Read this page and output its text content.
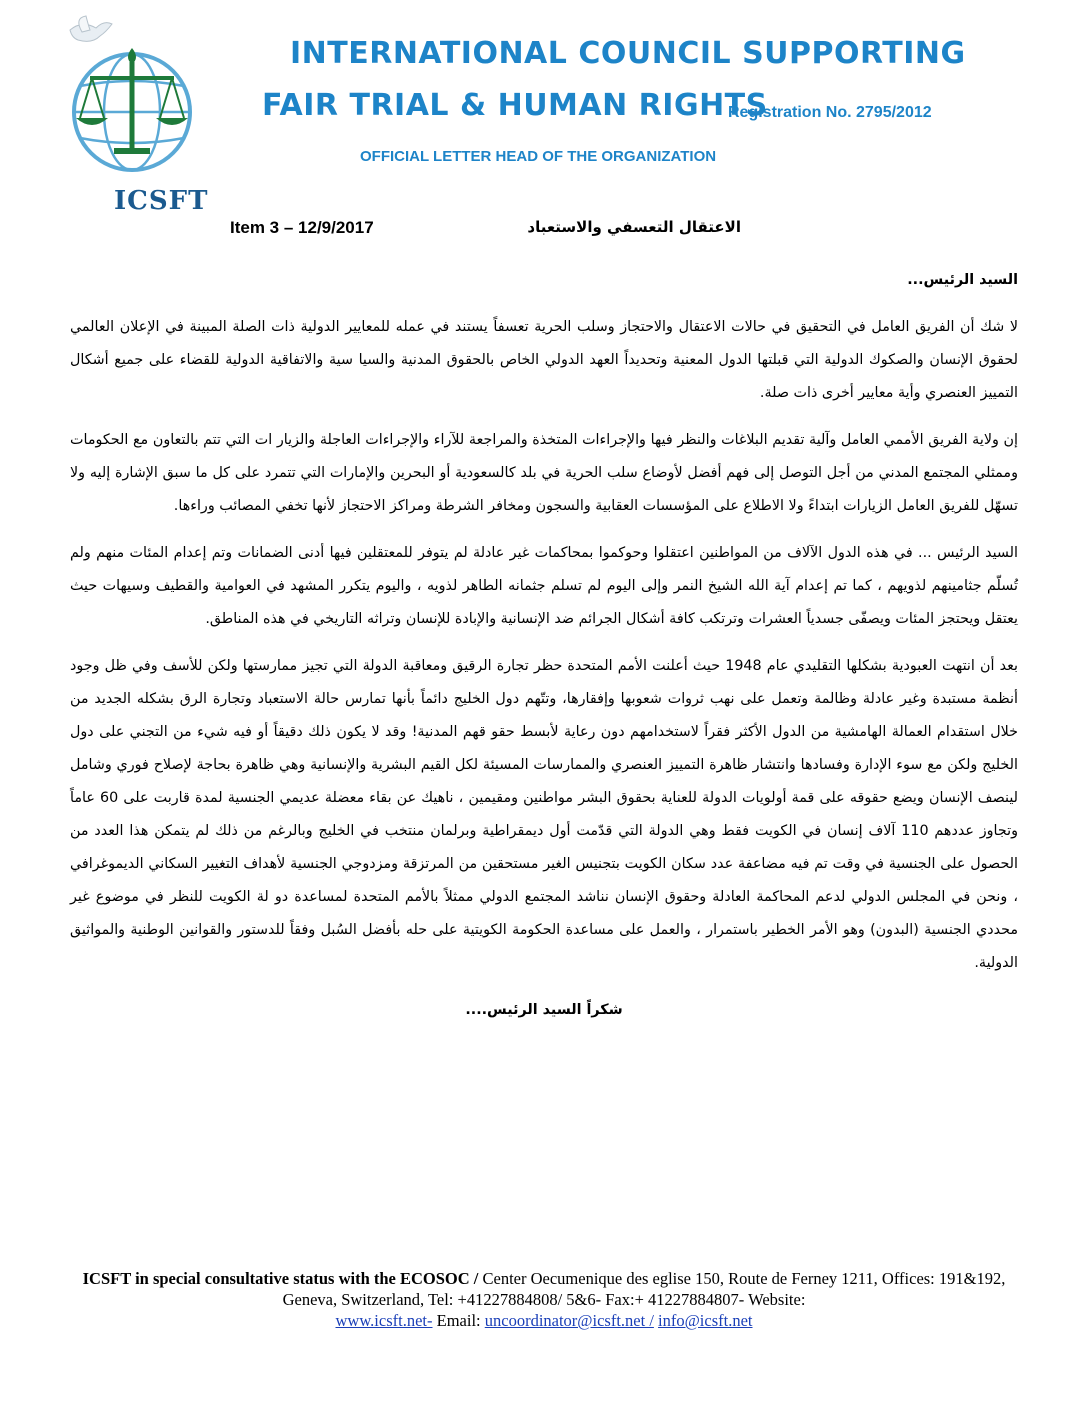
ICSFT
INTERNATIONAL COUNCIL SUPPORTING
FAIR TRIAL & HUMAN RIGHTS
Registration No. 2795/2012
OFFICIAL LETTER HEAD OF THE ORGANIZATION
Item 3 – 12/9/2017	الاعتقال التعسفي والاستعباد

السيد الرئيس...

لا شك أن الفريق العامل في التحقيق في حالات الاعتقال والاحتجاز وسلب الحرية تعسفاً يستند في عمله للمعايير الدولية ذات الصلة المبينة في الإعلان العالمي لحقوق الإنسان والصكوك الدولية التي قبلتها الدول المعنية وتحديداً العهد الدولي الخاص بالحقوق المدنية والسيا سية والاتفاقية الدولية للقضاء على جميع أشكال التمييز العنصري وأية معايير أخرى ذات صلة.

إن ولاية الفريق الأممي العامل وآلية تقديم البلاغات والنظر فيها والإجراءات المتخذة والمراجعة للآراء والإجراءات العاجلة والزيار ات التي تتم بالتعاون مع الحكومات وممثلي المجتمع المدني من أجل التوصل إلى فهم أفضل لأوضاع سلب الحرية في بلد كالسعودية أو البحرين والإمارات التي تتمرد على كل ما سبق الإشارة إليه ولا تسهّل للفريق العامل الزيارات ابتداءً ولا الاطلاع على المؤسسات العقابية والسجون ومخافر الشرطة ومراكز الاحتجاز لأنها تخفي المصائب وراءها.

السيد الرئيس ... في هذه الدول الآلاف من المواطنين اعتقلوا وحوكموا بمحاكمات غير عادلة لم يتوفر للمعتقلين فيها أدنى الضمانات وتم إعدام المئات منهم ولم تُسلّم جثامينهم لذويهم ، كما تم إعدام آية الله الشيخ النمر وإلى اليوم لم تسلم جثمانه الطاهر لذويه ، واليوم يتكرر المشهد في العوامية والقطيف وسيهات حيث يعتقل ويحتجز المئات ويصفّى جسدياً العشرات وترتكب كافة أشكال الجرائم ضد الإنسانية والإبادة للإنسان وتراثه التاريخي في هذه المناطق.

بعد أن انتهت العبودية بشكلها التقليدي عام 1948 حيث أعلنت الأمم المتحدة حظر تجارة الرقيق ومعاقبة الدولة التي تجيز ممارستها ولكن للأسف وفي ظل وجود أنظمة مستبدة وغير عادلة وظالمة وتعمل على نهب ثروات شعوبها وإفقارها، وتتّهم دول الخليج دائماً بأنها تمارس حالة الاستعباد وتجارة الرق بشكله الجديد من خلال استقدام العمالة الهامشية من الدول الأكثر فقراً لاستخدامهم دون رعاية لأبسط حقو قهم المدنية! وقد لا يكون ذلك دقيقاً أو فيه شيء من التجني على دول الخليج ولكن مع سوء الإدارة وفسادها وانتشار ظاهرة التمييز العنصري والممارسات المسيئة لكل القيم البشرية والإنسانية وهي ظاهرة بحاجة لإصلاح فوري وشامل لينصف الإنسان ويضع حقوقه على قمة أولويات الدولة للعناية بحقوق البشر مواطنين ومقيمين ، ناهيك عن بقاء معضلة عديمي الجنسية لمدة قاربت على 60 عاماً وتجاوز عددهم 110 آلاف إنسان في الكويت فقط وهي الدولة التي قدّمت أول ديمقراطية وبرلمان منتخب في الخليج وبالرغم من ذلك لم يتمكن هذا العدد من الحصول على الجنسية في وقت تم فيه مضاعفة عدد سكان الكويت بتجنيس الغير مستحقين من المرتزقة ومزدوجي الجنسية لأهداف التغيير السكاني الديموغرافي ، ونحن في المجلس الدولي لدعم المحاكمة العادلة وحقوق الإنسان نناشد المجتمع الدولي ممثلاً بالأمم المتحدة لمساعدة دو لة الكويت للنظر في موضوع غير محددي الجنسية (البدون) وهو الأمر الخطير باستمرار ، والعمل على مساعدة الحكومة الكويتية على حله بأفضل السُبل وفقاً للدستور والقوانين الوطنية والمواثيق الدولية.

شكراً السيد الرئيس....

ICSFT in special consultative status with the ECOSOC / Center Oecumenique des eglise 150, Route de Ferney 1211, Offices: 191&192, Geneva, Switzerland, Tel: +41227884808/ 5&6- Fax:+ 41227884807- Website:
www.icsft.net- Email: uncoordinator@icsft.net / info@icsft.net
